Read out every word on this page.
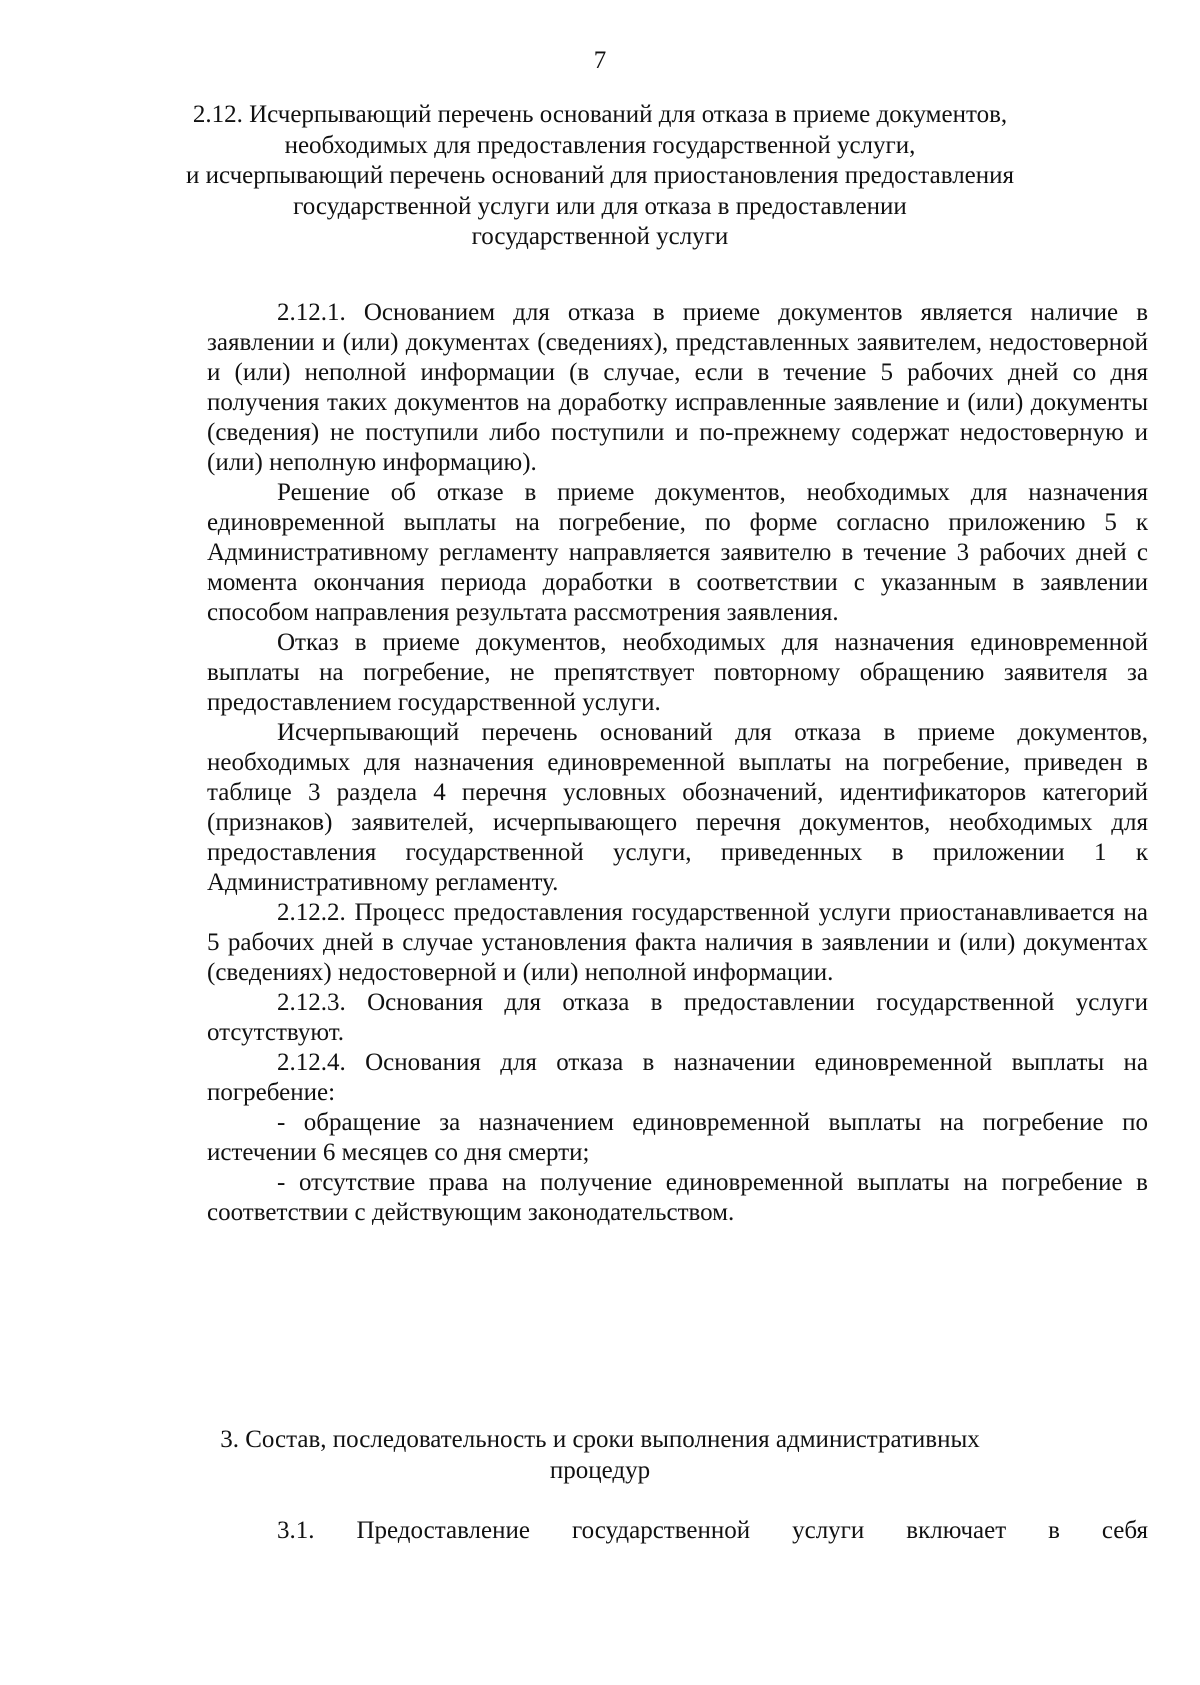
7
2.12. Исчерпывающий перечень оснований для отказа в приеме документов,
необходимых для предоставления государственной услуги,
и исчерпывающий перечень оснований для приостановления предоставления
государственной услуги или для отказа в предоставлении
государственной услуги

2.12.1. Основанием для отказа в приеме документов является наличие в заявлении и (или) документах (сведениях), представленных заявителем, недостоверной и (или) неполной информации (в случае, если в течение 5 рабочих дней со дня получения таких документов на доработку исправленные заявление и (или) документы (сведения) не поступили либо поступили и по-прежнему содержат недостоверную и (или) неполную информацию).

Решение об отказе в приеме документов, необходимых для назначения единовременной выплаты на погребение, по форме согласно приложению 5 к Административному регламенту направляется заявителю в течение 3 рабочих дней с момента окончания периода доработки в соответствии с указанным в заявлении способом направления результата рассмотрения заявления.

Отказ в приеме документов, необходимых для назначения единовременной выплаты на погребение, не препятствует повторному обращению заявителя за предоставлением государственной услуги.

Исчерпывающий перечень оснований для отказа в приеме документов, необходимых для назначения единовременной выплаты на погребение, приведен в таблице 3 раздела 4 перечня условных обозначений, идентификаторов категорий (признаков) заявителей, исчерпывающего перечня документов, необходимых для предоставления государственной услуги, приведенных в приложении 1 к Административному регламенту.

2.12.2. Процесс предоставления государственной услуги приостанавливается на 5 рабочих дней в случае установления факта наличия в заявлении и (или) документах (сведениях) недостоверной и (или) неполной информации.

2.12.3. Основания для отказа в предоставлении государственной услуги отсутствуют.

2.12.4. Основания для отказа в назначении единовременной выплаты на погребение:

- обращение за назначением единовременной выплаты на погребение по истечении 6 месяцев со дня смерти;

- отсутствие права на получение единовременной выплаты на погребение в соответствии с действующим законодательством.

3. Состав, последовательность и сроки выполнения административных
процедур

3.1. Предоставление государственной услуги включает в себя
